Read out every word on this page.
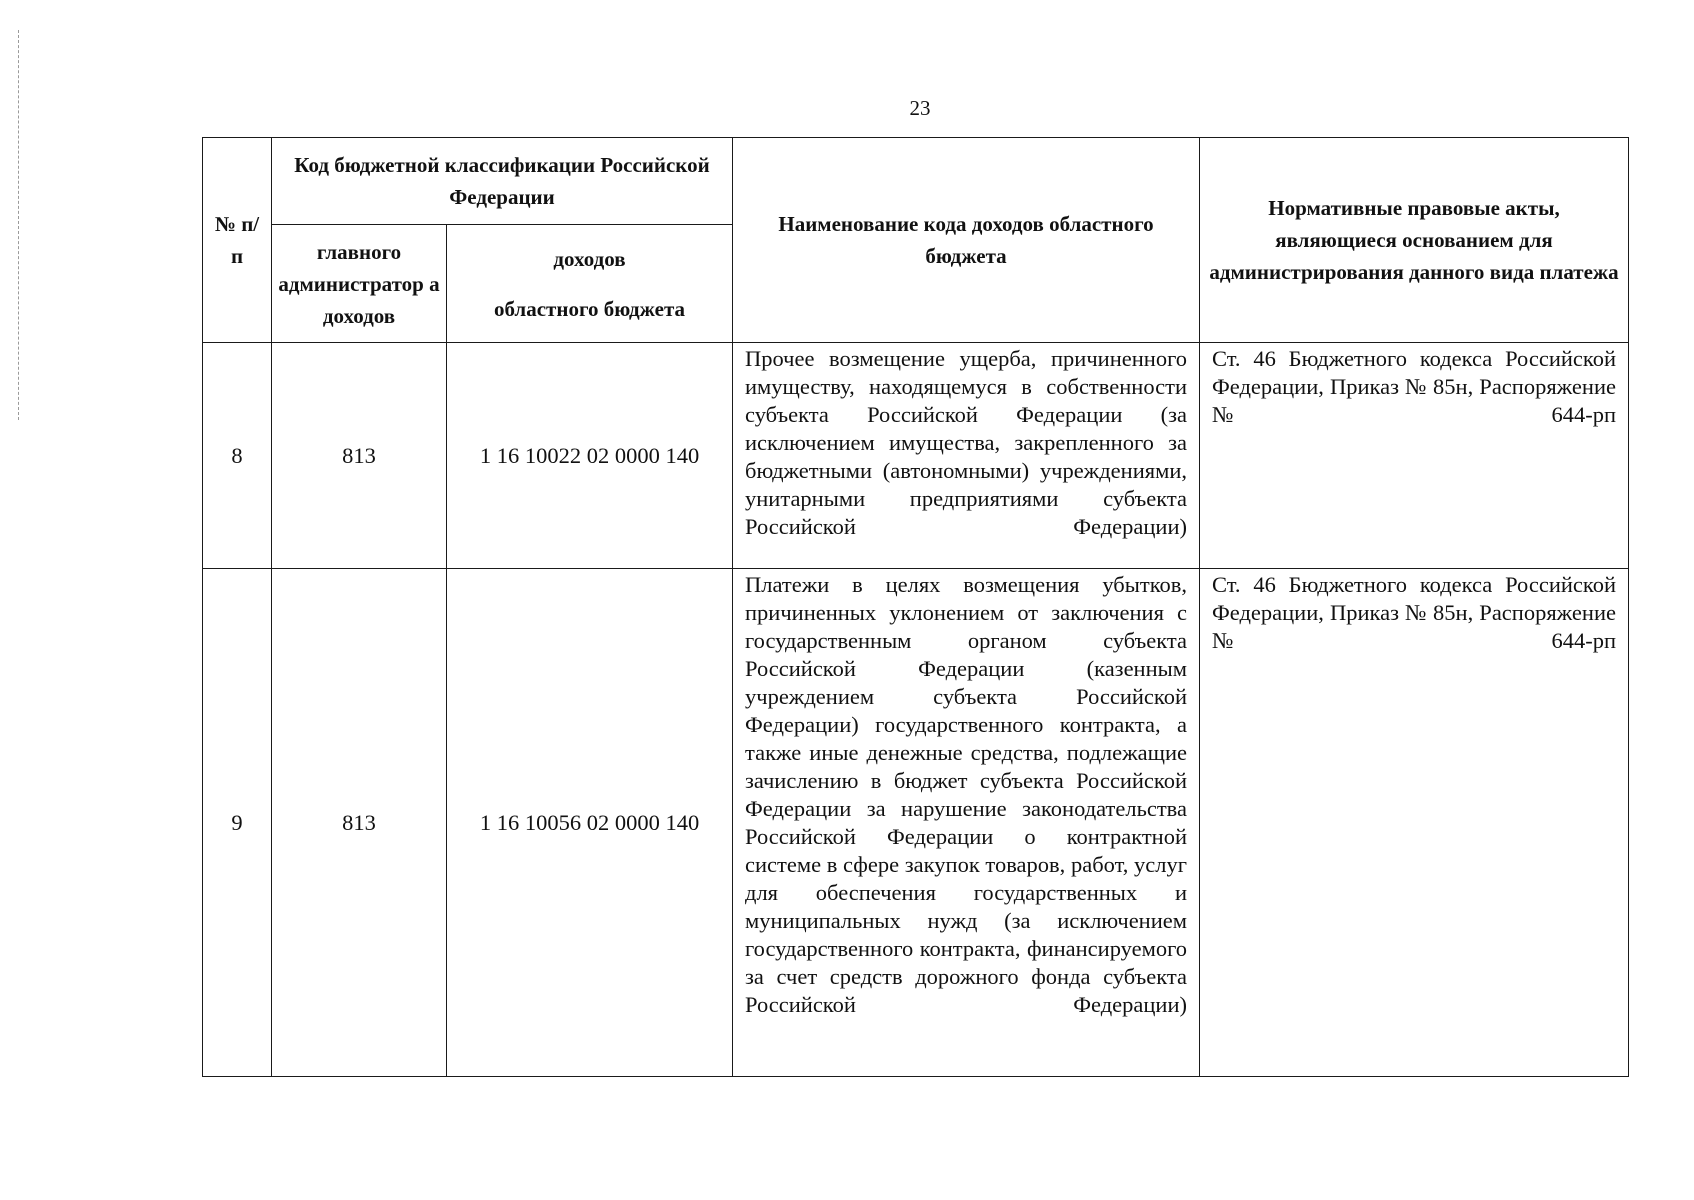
23
№ п/п	Код бюджетной классификации Российской Федерации		Наименование кода доходов областного бюджета	Нормативные правовые акты, являющиеся основанием для администрирования данного вида платежа
	главного администратор а доходов	доходов
областного бюджета		

8	813	1 16 10022 02 0000 140	Прочее возмещение ущерба, причиненного имуществу, находящемуся в собственности субъекта Российской Федерации (за исключением имущества, закрепленного за бюджетными (автономными) учреждениями, унитарными предприятиями субъекта Российской Федерации)	Ст. 46 Бюджетного кодекса Российской Федерации, Приказ № 85н, Распоряжение № 644-рп
9	813	1 16 10056 02 0000 140	Платежи в целях возмещения убытков, причиненных уклонением от заключения с государственным органом субъекта Российской Федерации (казенным учреждением субъекта Российской Федерации) государственного контракта, а также иные денежные средства, подлежащие зачислению в бюджет субъекта Российской Федерации за нарушение законодательства Российской Федерации о контрактной системе в сфере закупок товаров, работ, услуг для обеспечения государственных и муниципальных нужд (за исключением государственного контракта, финансируемого за счет средств дорожного фонда субъекта Российской Федерации)	Ст. 46 Бюджетного кодекса Российской Федерации, Приказ № 85н, Распоряжение № 644-рп
